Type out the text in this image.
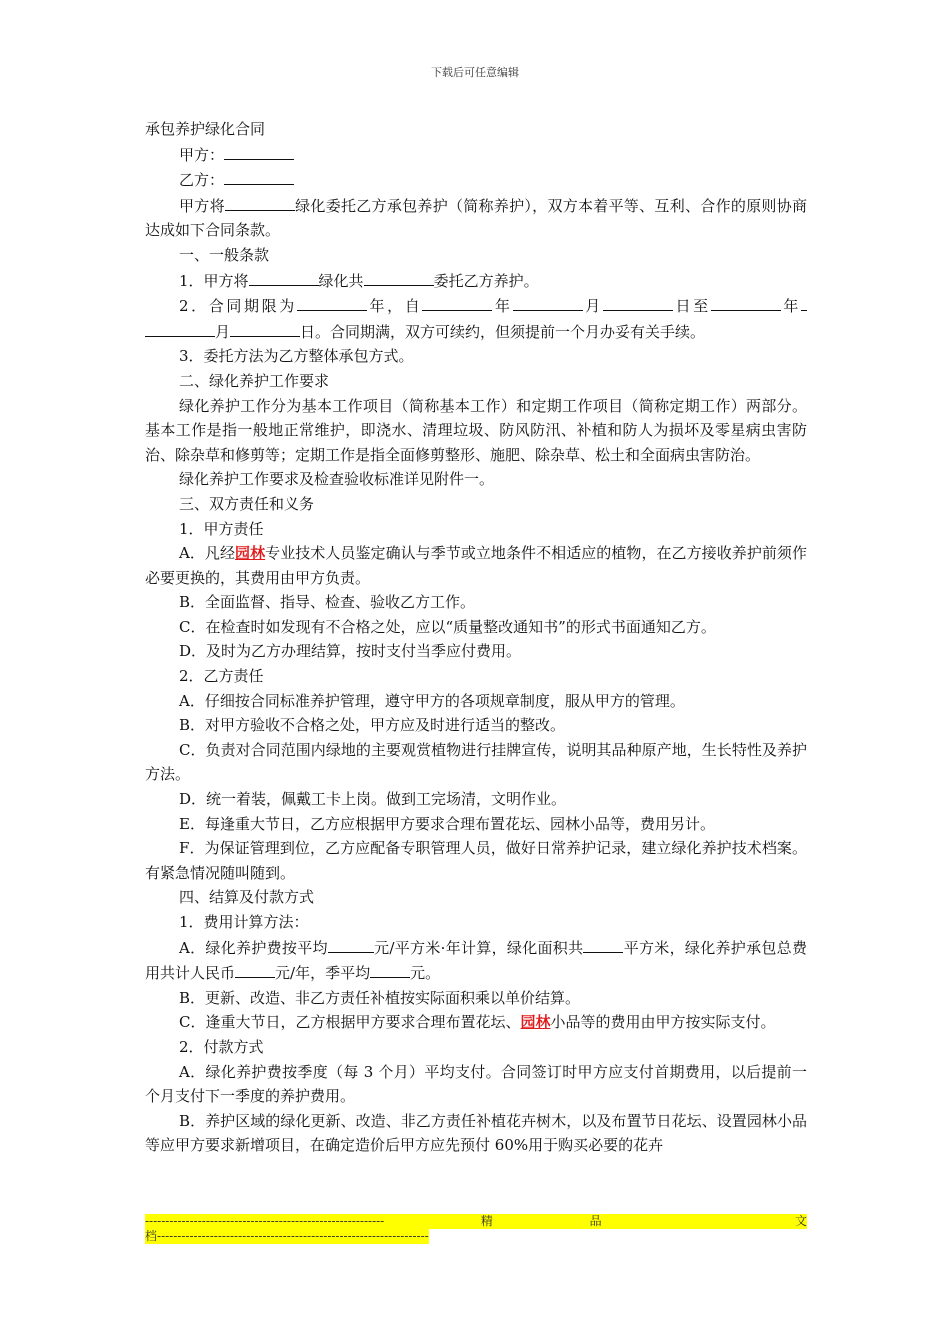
下载后可任意编辑

承包养护绿化合同

甲方：

乙方：

甲方将	绿化委托乙方承包养护（简称养护），双方本着平等、互利、合作的原则协商达成如下合同条款。

一、一般条款

1．甲方将	绿化共	委托乙方养护。

2．合同期限为	年，自	年	月	日至	年 月	日。合同期满，双方可续约，但须提前一个月办妥有关手续。

3．委托方法为乙方整体承包方式。

二、绿化养护工作要求

绿化养护工作分为基本工作项目（简称基本工作）和定期工作项目（简称定期工作）两部分。基本工作是指一般地正常维护，即浇水、清理垃圾、防风防汛、补植和防人为损坏及零星病虫害防治、除杂草和修剪等；定期工作是指全面修剪整形、施肥、除杂草、松土和全面病虫害防治。

绿化养护工作要求及检查验收标准详见附件一。

三、双方责任和义务

1．甲方责任

A．凡经园林专业技术人员鉴定确认与季节或立地条件不相适应的植物，在乙方接收养护前须作必要更换的，其费用由甲方负责。

B．全面监督、指导、检查、验收乙方工作。

C．在检查时如发现有不合格之处，应以“质量整改通知书”的形式书面通知乙方。

D．及时为乙方办理结算，按时支付当季应付费用。

2．乙方责任

A．仔细按合同标准养护管理，遵守甲方的各项规章制度，服从甲方的管理。

B．对甲方验收不合格之处，甲方应及时进行适当的整改。

C．负责对合同范围内绿地的主要观赏植物进行挂牌宣传，说明其品种原产地，生长特性及养护方法。

D．统一着装，佩戴工卡上岗。做到工完场清，文明作业。

E．每逢重大节日，乙方应根据甲方要求合理布置花坛、园林小品等，费用另计。

F．为保证管理到位，乙方应配备专职管理人员，做好日常养护记录，建立绿化养护技术档案。有紧急情况随叫随到。

四、结算及付款方式

1．费用计算方法：

A．绿化养护费按平均	元/平方米·年计算，绿化面积共	平方米，绿化养护承包总费用共计人民币	元/年，季平均	元。

B．更新、改造、非乙方责任补植按实际面积乘以单价结算。

C．逢重大节日，乙方根据甲方要求合理布置花坛、园林小品等的费用由甲方按实际支付。

2．付款方式

A．绿化养护费按季度（每 3 个月）平均支付。合同签订时甲方应支付首期费用，以后提前一个月支付下一季度的养护费用。

B．养护区域的绿化更新、改造、非乙方责任补植花卉树木，以及布置节日花坛、设置园林小品等应甲方要求新增项目，在确定造价后甲方应先预付 60%用于购买必要的花卉

-----------------------------------------------------------	精	品	文
档-------------------------------------------------------------------
